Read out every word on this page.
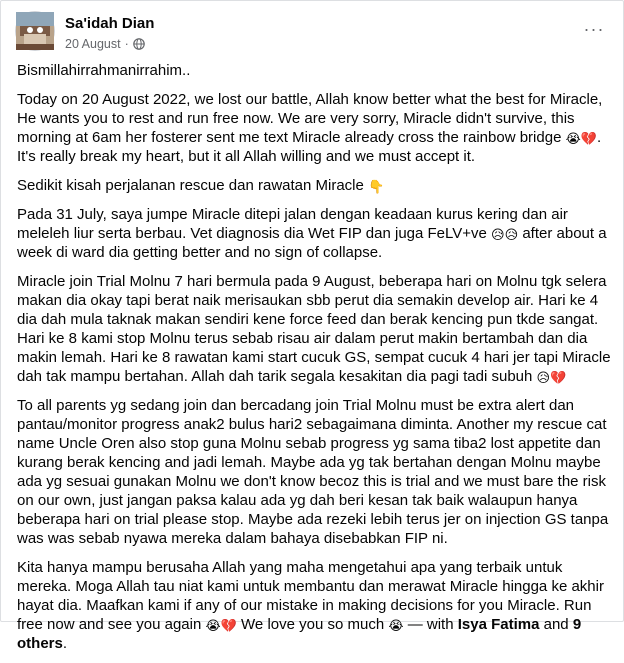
Sa'idah Dian
20 August ·
···

Bismillahirrahmanirrahim..

Today on 20 August 2022, we lost our battle, Allah know better what the best for Miracle, He wants you to rest and run free now. We are very sorry, Miracle didn't survive, this morning at 6am her fosterer sent me text Miracle already cross the rainbow bridge 😭💔. It's really break my heart, but it all Allah willing and we must accept it.

Sedikit kisah perjalanan rescue dan rawatan Miracle 👇

Pada 31 July, saya jumpe Miracle ditepi jalan dengan keadaan kurus kering dan air meleleh liur serta berbau. Vet diagnosis dia Wet FIP dan juga FeLV+ve 😥😥 after about a week di ward dia getting better and no sign of collapse.

Miracle join Trial Molnu 7 hari bermula pada 9 August, beberapa hari on Molnu tgk selera makan dia okay tapi berat naik merisaukan sbb perut dia semakin develop air. Hari ke 4 dia dah mula taknak makan sendiri kene force feed dan berak kencing pun tkde sangat. Hari ke 8 kami stop Molnu terus sebab risau air dalam perut makin bertambah dan dia makin lemah. Hari ke 8 rawatan kami start cucuk GS, sempat cucuk 4 hari jer tapi Miracle dah tak mampu bertahan. Allah dah tarik segala kesakitan dia pagi tadi subuh 😥💔

To all parents yg sedang join dan bercadang join Trial Molnu must be extra alert dan pantau/monitor progress anak2 bulus hari2 sebagaimana diminta. Another my rescue cat name Uncle Oren also stop guna Molnu sebab progress yg sama tiba2 lost appetite dan kurang berak kencing and jadi lemah. Maybe ada yg tak bertahan dengan Molnu maybe ada yg sesuai gunakan Molnu we don't know becoz this is trial and we must bare the risk on our own, just jangan paksa kalau ada yg dah beri kesan tak baik walaupun hanya beberapa hari on trial please stop. Maybe ada rezeki lebih terus jer on injection GS tanpa was was sebab nyawa mereka dalam bahaya disebabkan FIP ni.

Kita hanya mampu berusaha Allah yang maha mengetahui apa yang terbaik untuk mereka. Moga Allah tau niat kami untuk membantu dan merawat Miracle hingga ke akhir hayat dia. Maafkan kami if any of our mistake in making decisions for you Miracle. Run free now and see you again 😭💔 We love you so much 😭 — with Isya Fatima and 9 others.
